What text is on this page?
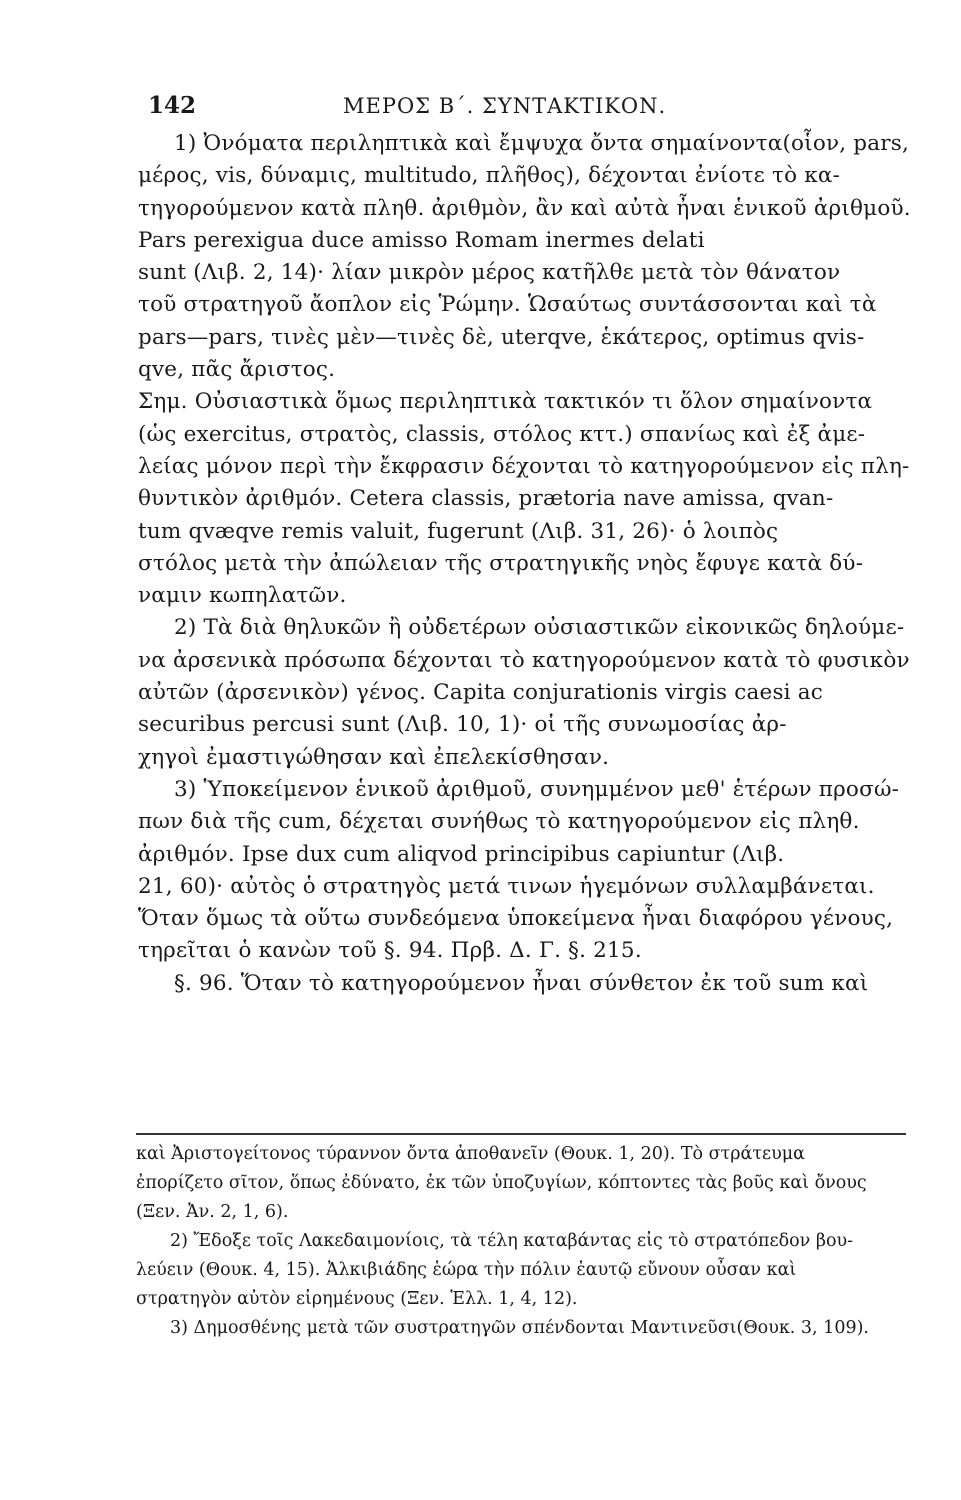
142	ΜΕΡΟΣ Β΄. ΣΥΝΤΑΚΤΙΚΟΝ.
1) Ὀνόματα περιληπτικὰ καὶ ἔμψυχα ὄντα σημαίνοντα(οἷον, pars,
μέρος, vis, δύναμις, multitudo, πλῆθος), δέχονται ἐνίοτε τὸ κα-
τηγορούμενον κατὰ πληθ. ἀριθμὸν, ἂν καὶ αὐτὰ ἦναι ἑνικοῦ ἀριθμοῦ.
Pars perexigua duce amisso Romam inermes delati
sunt (Λιβ. 2, 14)· λίαν μικρὸν μέρος κατῆλθε μετὰ τὸν θάνατον
τοῦ στρατηγοῦ ἄοπλον εἰς Ῥώμην. Ὡσαύτως συντάσσονται καὶ τὰ
pars—pars, τινὲς μὲν—τινὲς δὲ, uterqve, ἑκάτερος, optimus qvis-
qve, πᾶς ἄριστος.
Σημ. Οὐσιαστικὰ ὅμως περιληπτικὰ τακτικόν τι ὅλον σημαίνοντα
(ὡς exercitus, στρατὸς, classis, στόλος κττ.) σπανίως καὶ ἐξ ἀμε-
λείας μόνον περὶ τὴν ἔκφρασιν δέχονται τὸ κατηγορούμενον εἰς πλη-
θυντικὸν ἀριθμόν. Cetera classis, prætoria nave amissa, qvan-
tum qvæqve remis valuit, fugerunt (Λιβ. 31, 26)· ὁ λοιπὸς
στόλος μετὰ τὴν ἀπώλειαν τῆς στρατηγικῆς νηὸς ἔφυγε κατὰ δύ-
ναμιν κωπηλατῶν.
2) Τὰ διὰ θηλυκῶν ἢ οὐδετέρων οὐσιαστικῶν εἰκονικῶς δηλούμε-
να ἀρσενικὰ πρόσωπα δέχονται τὸ κατηγορούμενον κατὰ τὸ φυσικὸν
αὐτῶν (ἀρσενικὸν) γένος. Capita conjurationis virgis caesi ac
securibus percusi sunt (Λιβ. 10, 1)· οἱ τῆς συνωμοσίας ἀρ-
χηγοὶ ἐμαστιγώθησαν καὶ ἐπελεκίσθησαν.
3) Ὑποκείμενον ἑνικοῦ ἀριθμοῦ, συνημμένον μεθ' ἑτέρων προσώ-
πων διὰ τῆς cum, δέχεται συνήθως τὸ κατηγορούμενον εἰς πληθ.
ἀριθμόν. Ipse dux cum aliqvod principibus capiuntur (Λιβ.
21, 60)· αὐτὸς ὁ στρατηγὸς μετά τινων ἡγεμόνων συλλαμβάνεται.
Ὅταν ὅμως τὰ οὕτω συνδεόμενα ὑποκείμενα ἦναι διαφόρου γένους,
τηρεῖται ὁ κανὼν τοῦ §. 94. Πρβ. Δ. Γ. §. 215.
§. 96. Ὅταν τὸ κατηγορούμενον ἦναι σύνθετον ἐκ τοῦ sum καὶ
καὶ Ἀριστογείτονος τύραννον ὄντα ἀποθανεῖν (Θουκ. 1, 20). Τὸ στράτευμα
ἐπορίζετο σῖτον, ὅπως ἐδύνατο, ἐκ τῶν ὑποζυγίων, κόπτοντες τὰς βοῦς καὶ ὄνους
(Ξεν. Ἀν. 2, 1, 6).
2) Ἔδοξε τοῖς Λακεδαιμονίοις, τὰ τέλη καταβάντας εἰς τὸ στρατόπεδον βου-
λεύειν (Θουκ. 4, 15). Ἀλκιβιάδης ἑώρα τὴν πόλιν ἑαυτῷ εὔνουν οὖσαν καὶ
στρατηγὸν αὐτὸν εἰρημένους (Ξεν. Ἑλλ. 1, 4, 12).
3) Δημοσθένης μετὰ τῶν συστρατηγῶν σπένδονται Μαντινεῦσι(Θουκ. 3, 109).
